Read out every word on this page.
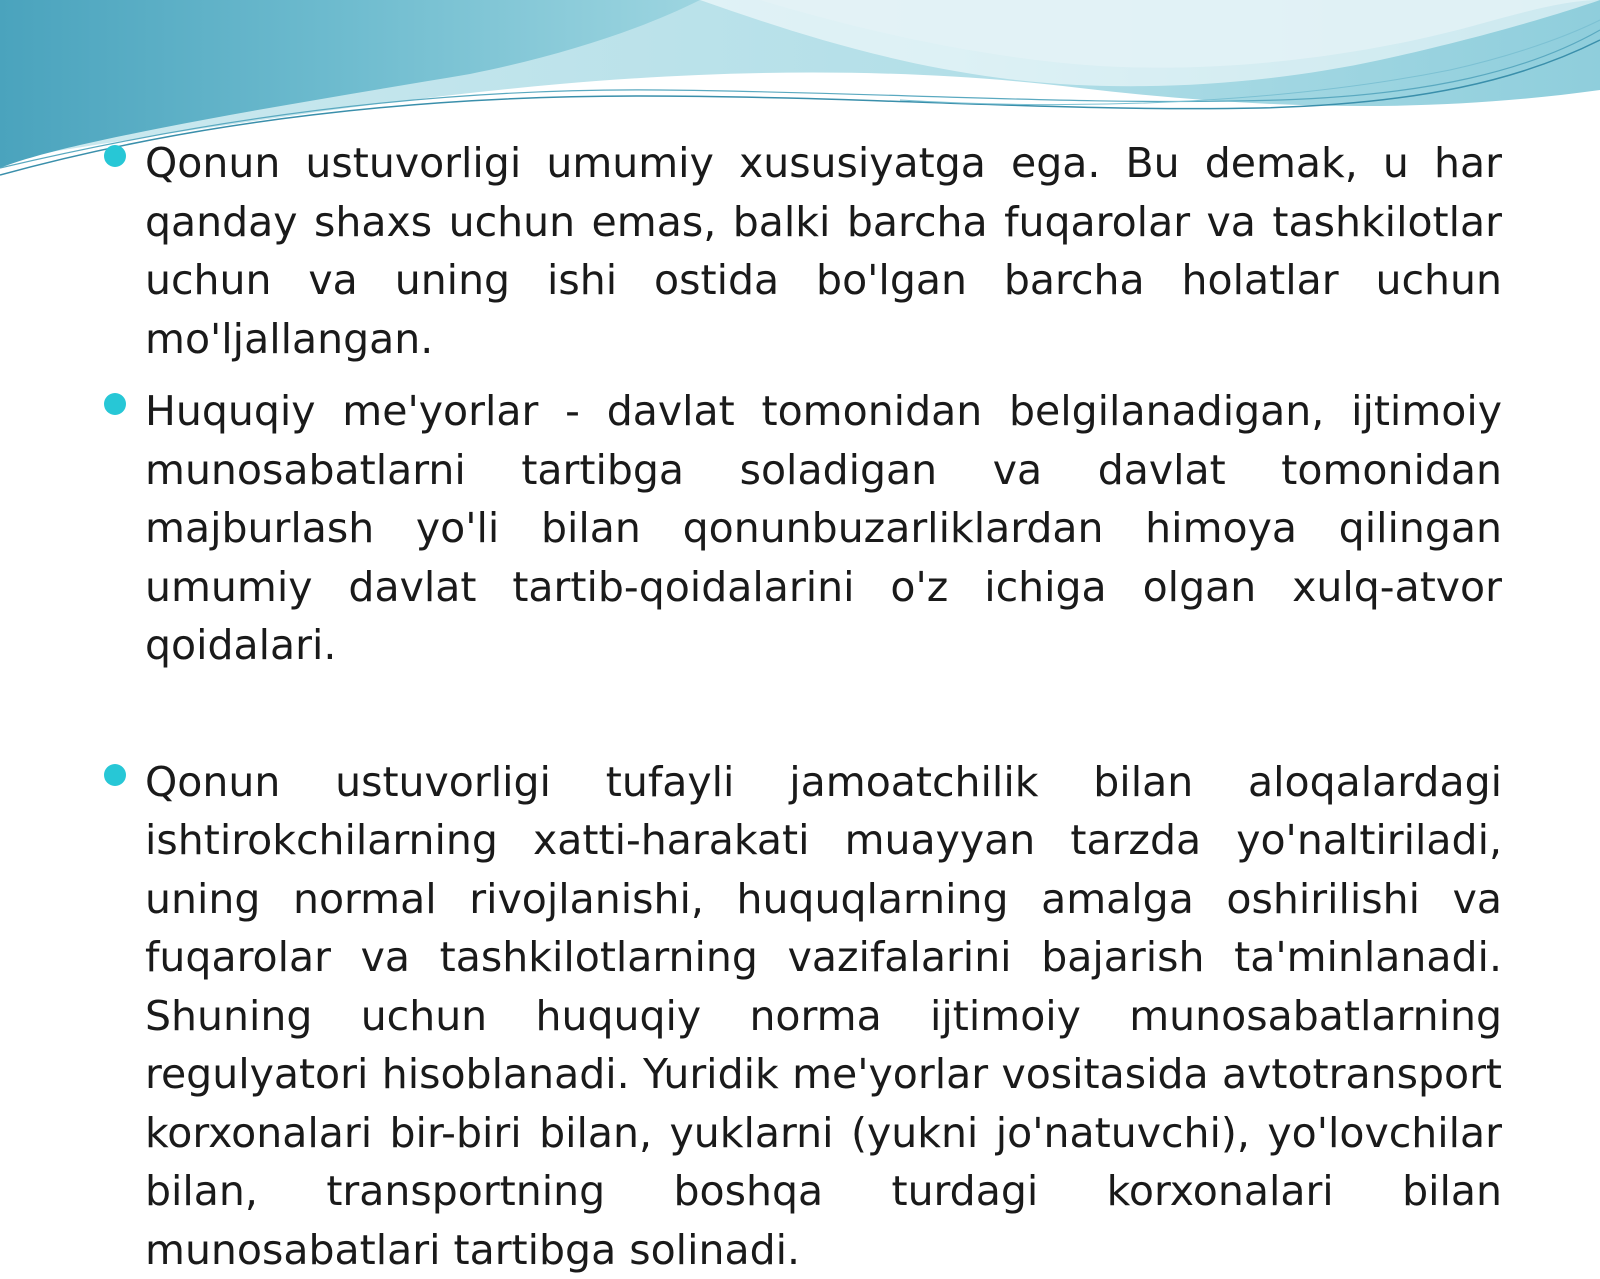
Qonun ustuvorligi umumiy xususiyatga ega. Bu demak, u har qanday shaxs uchun emas, balki barcha fuqarolar va tashkilotlar uchun va uning ishi ostida bo'lgan barcha holatlar uchun mo'ljallangan.
Huquqiy me'yorlar - davlat tomonidan belgilanadigan, ijtimoiy munosabatlarni tartibga soladigan va davlat tomonidan majburlash yo'li bilan qonunbuzarliklardan himoya qilingan umumiy davlat tartib-qoidalarini o'z ichiga olgan xulq-atvor qoidalari.
Qonun ustuvorligi tufayli jamoatchilik bilan aloqalardagi ishtirokchilarning xatti-harakati muayyan tarzda yo'naltiriladi, uning normal rivojlanishi, huquqlarning amalga oshirilishi va fuqarolar va tashkilotlarning vazifalarini bajarish ta'minlanadi. Shuning uchun huquqiy norma ijtimoiy munosabatlarning regulyatori hisoblanadi. Yuridik me'yorlar vositasida avtotransport korxonalari bir-biri bilan, yuklarni (yukni jo'natuvchi), yo'lovchilar bilan, transportning boshqa turdagi korxonalari bilan munosabatlari tartibga solinadi.
